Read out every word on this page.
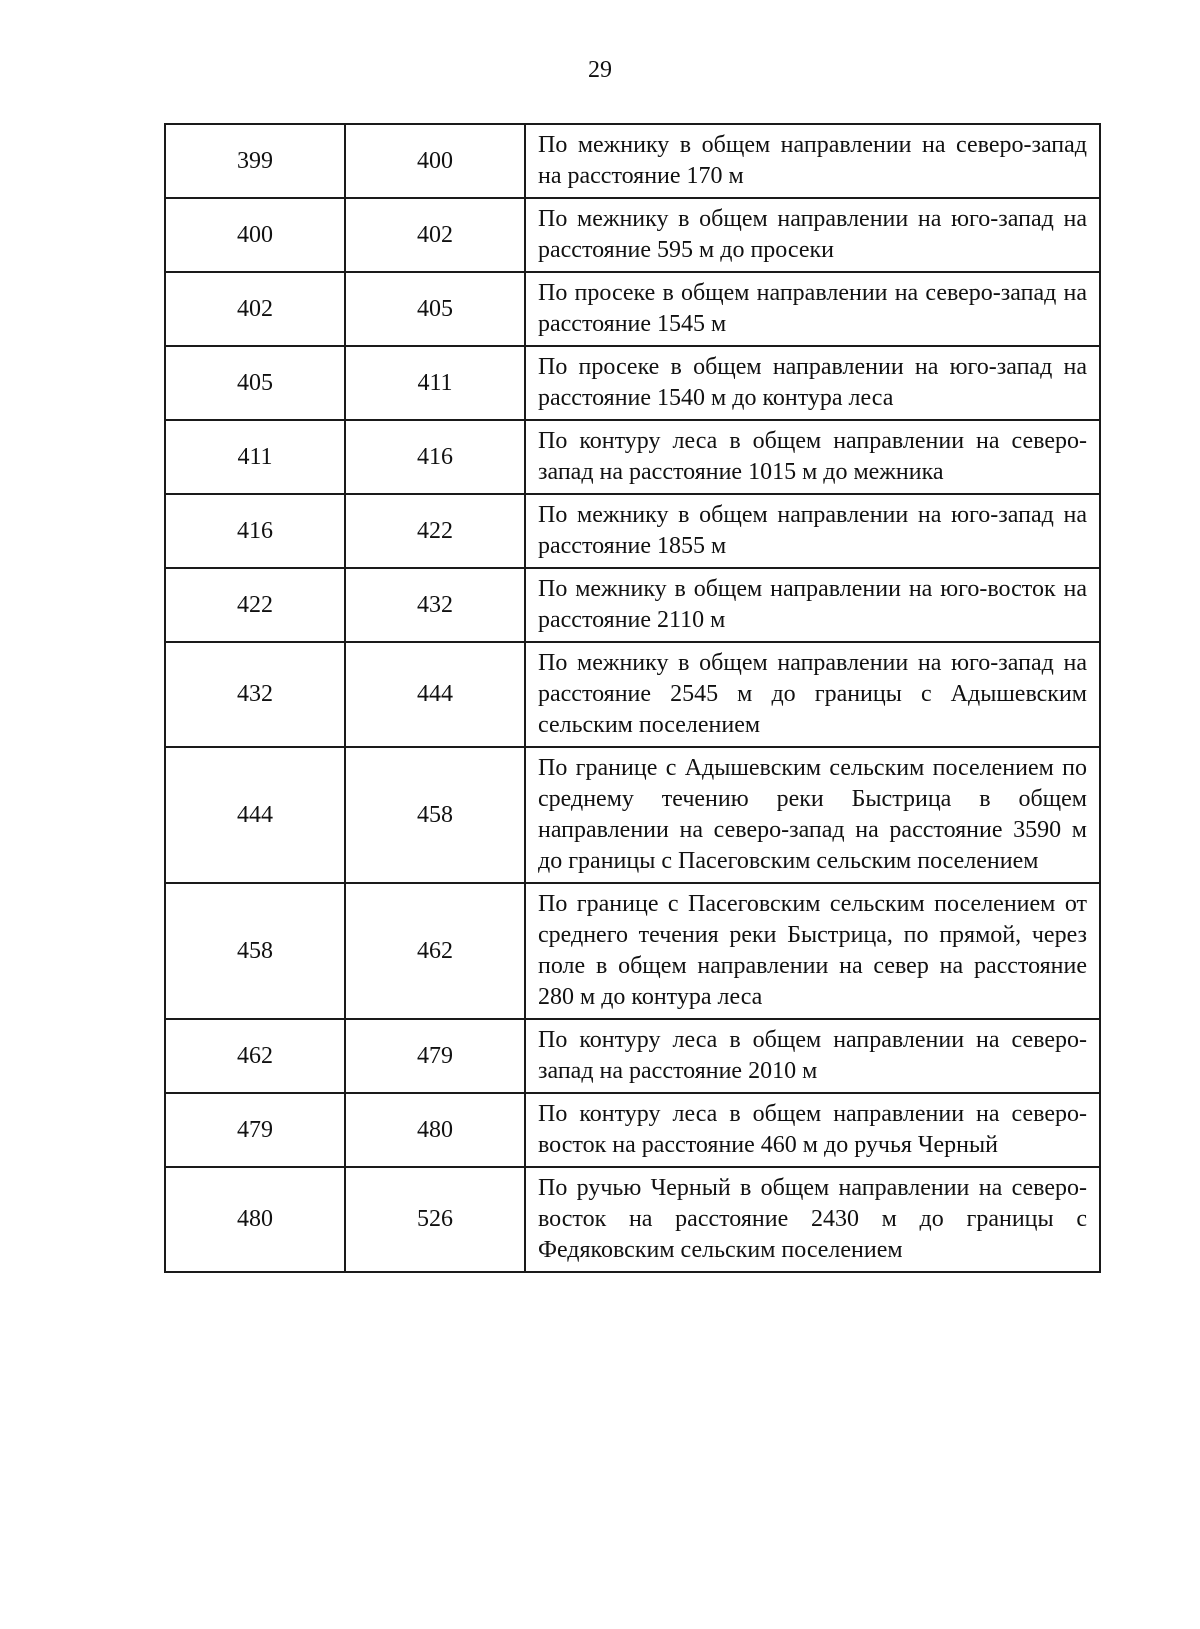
29
399	400	По межнику в общем направлении на северо-запад на расстояние 170 м
400	402	По межнику в общем направлении на юго-запад на расстояние 595 м до просеки
402	405	По просеке в общем направлении на северо-запад на расстояние 1545 м
405	411	По просеке в общем направлении на юго-запад на расстояние 1540 м до контура леса
411	416	По контуру леса в общем направлении на северо-запад на расстояние 1015 м до межника
416	422	По межнику в общем направлении на юго-запад на расстояние 1855 м
422	432	По межнику в общем направлении на юго-восток на расстояние 2110 м
432	444	По межнику в общем направлении на юго-запад на расстояние 2545 м до границы с Адышевским сельским поселением
444	458	По границе с Адышевским сельским поселением по среднему течению реки Быстрица в общем направлении на северо-запад на расстояние 3590 м до границы с Пасеговским сельским поселением
458	462	По границе с Пасеговским сельским поселением от среднего течения реки Быстрица, по прямой, через поле в общем направлении на север на расстояние 280 м до контура леса
462	479	По контуру леса в общем направлении на северо-запад на расстояние 2010 м
479	480	По контуру леса в общем направлении на северо-восток на расстояние 460 м до ручья Черный
480	526	По ручью Черный в общем направлении на северо-восток на расстояние 2430 м до границы с Федяковским сельским поселением
